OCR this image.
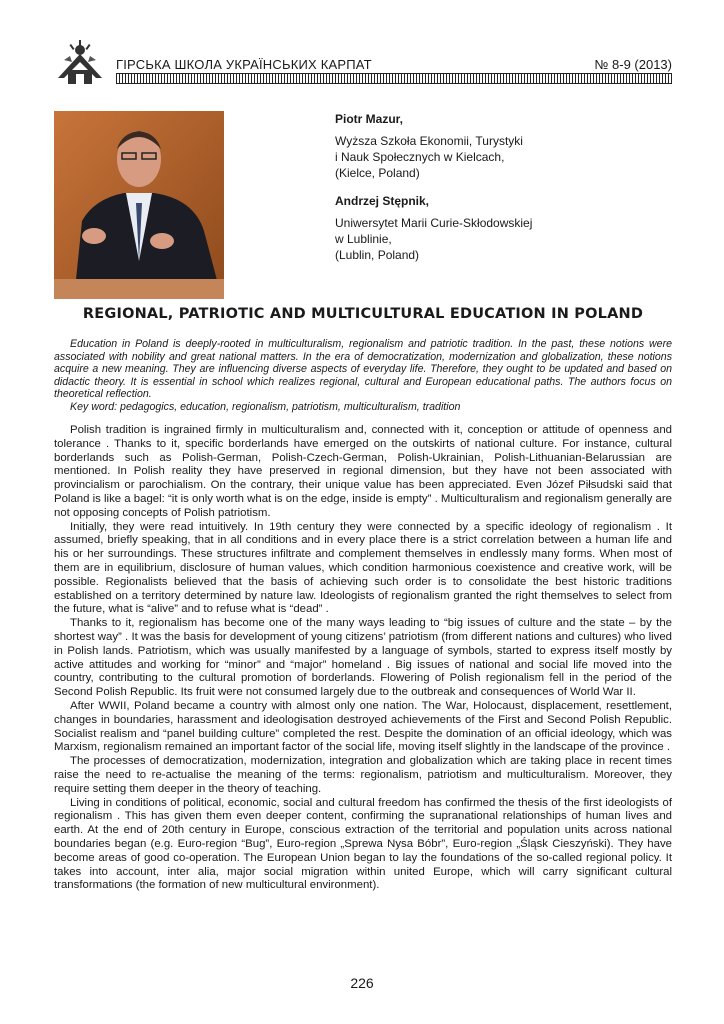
ГІРСЬКА ШКОЛА УКРАЇНСЬКИХ КАРПАТ	№ 8-9 (2013)

Piotr Mazur,

Wyższa Szkoła Ekonomii, Turystyki
i Nauk Społecznych w Kielcach,
(Kielce, Poland)

Andrzej Stępnik,

Uniwersytet Marii Curie-Skłodowskiej
w Lublinie,
(Lublin, Poland)

REGIONAL, PATRIOTIC AND MULTICULTURAL EDUCATION IN POLAND

Education in Poland is deeply-rooted in multiculturalism, regionalism and patriotic tradition. In the past, these notions were associated with nobility and great national matters. In the era of democratization, modernization and globalization, these notions acquire a new meaning. They are influencing diverse aspects of everyday life. Therefore, they ought to be updated and based on didactic theory. It is essential in school which realizes regional, cultural and European educational paths. The authors focus on theoretical reflection.

Key word: pedagogics, education, regionalism, patriotism, multiculturalism, tradition

Polish tradition is ingrained firmly in multiculturalism and, connected with it, conception or attitude of openness and tolerance . Thanks to it, specific borderlands have emerged on the outskirts of national culture. For instance, cultural borderlands such as Polish-German, Polish-Czech-German, Polish-Ukrainian, Polish-Lithuanian-Belarussian are mentioned. In Polish reality they have preserved in regional dimension, but they have not been associated with provincialism or parochialism. On the contrary, their unique value has been appreciated. Even Józef Piłsudski said that Poland is like a bagel: “it is only worth what is on the edge, inside is empty” . Multiculturalism and regionalism generally are not opposing concepts of Polish patriotism.

Initially, they were read intuitively. In 19th century they were connected by a specific ideology of regionalism . It assumed, briefly speaking, that in all conditions and in every place there is a strict correlation between a human life and his or her surroundings. These structures infiltrate and complement themselves in endlessly many forms. When most of them are in equilibrium, disclosure of human values, which condition harmonious coexistence and creative work, will be possible. Regionalists believed that the basis of achieving such order is to consolidate the best historic traditions established on a territory determined by nature law. Ideologists of regionalism granted the right themselves to select from the future, what is “alive” and to refuse what is “dead” .

Thanks to it, regionalism has become one of the many ways leading to “big issues of culture and the state – by the shortest way” . It was the basis for development of young citizens’ patriotism (from different nations and cultures) who lived in Polish lands. Patriotism, which was usually manifested by a language of symbols, started to express itself mostly by active attitudes and working for “minor” and “major” homeland . Big issues of national and social life moved into the country, contributing to the cultural promotion of borderlands. Flowering of Polish regionalism fell in the period of the Second Polish Republic. Its fruit were not consumed largely due to the outbreak and consequences of World War II.

After WWII, Poland became a country with almost only one nation. The War, Holocaust, displacement, resettlement, changes in boundaries, harassment and ideologisation destroyed achievements of the First and Second Polish Republic. Socialist realism and “panel building culture” completed the rest. Despite the domination of an official ideology, which was Marxism, regionalism remained an important factor of the social life, moving itself slightly in the landscape of the province .

The processes of democratization, modernization, integration and globalization which are taking place in recent times raise the need to re-actualise the meaning of the terms: regionalism, patriotism and multiculturalism. Moreover, they require setting them deeper in the theory of teaching.

Living in conditions of political, economic, social and cultural freedom has confirmed the thesis of the first ideologists of regionalism . This has given them even deeper content, confirming the supranational relationships of human lives and earth. At the end of 20th century in Europe, conscious extraction of the territorial and population units across national boundaries began (e.g. Euro-region “Bug”, Euro-region „Sprewa Nysa Bóbr”, Euro-region „Śląsk Cieszyński). They have become areas of good co-operation. The European Union began to lay the foundations of the so-called regional policy. It takes into account, inter alia, major social migration within united Europe, which will carry significant cultural transformations (the formation of new multicultural environment).

226
